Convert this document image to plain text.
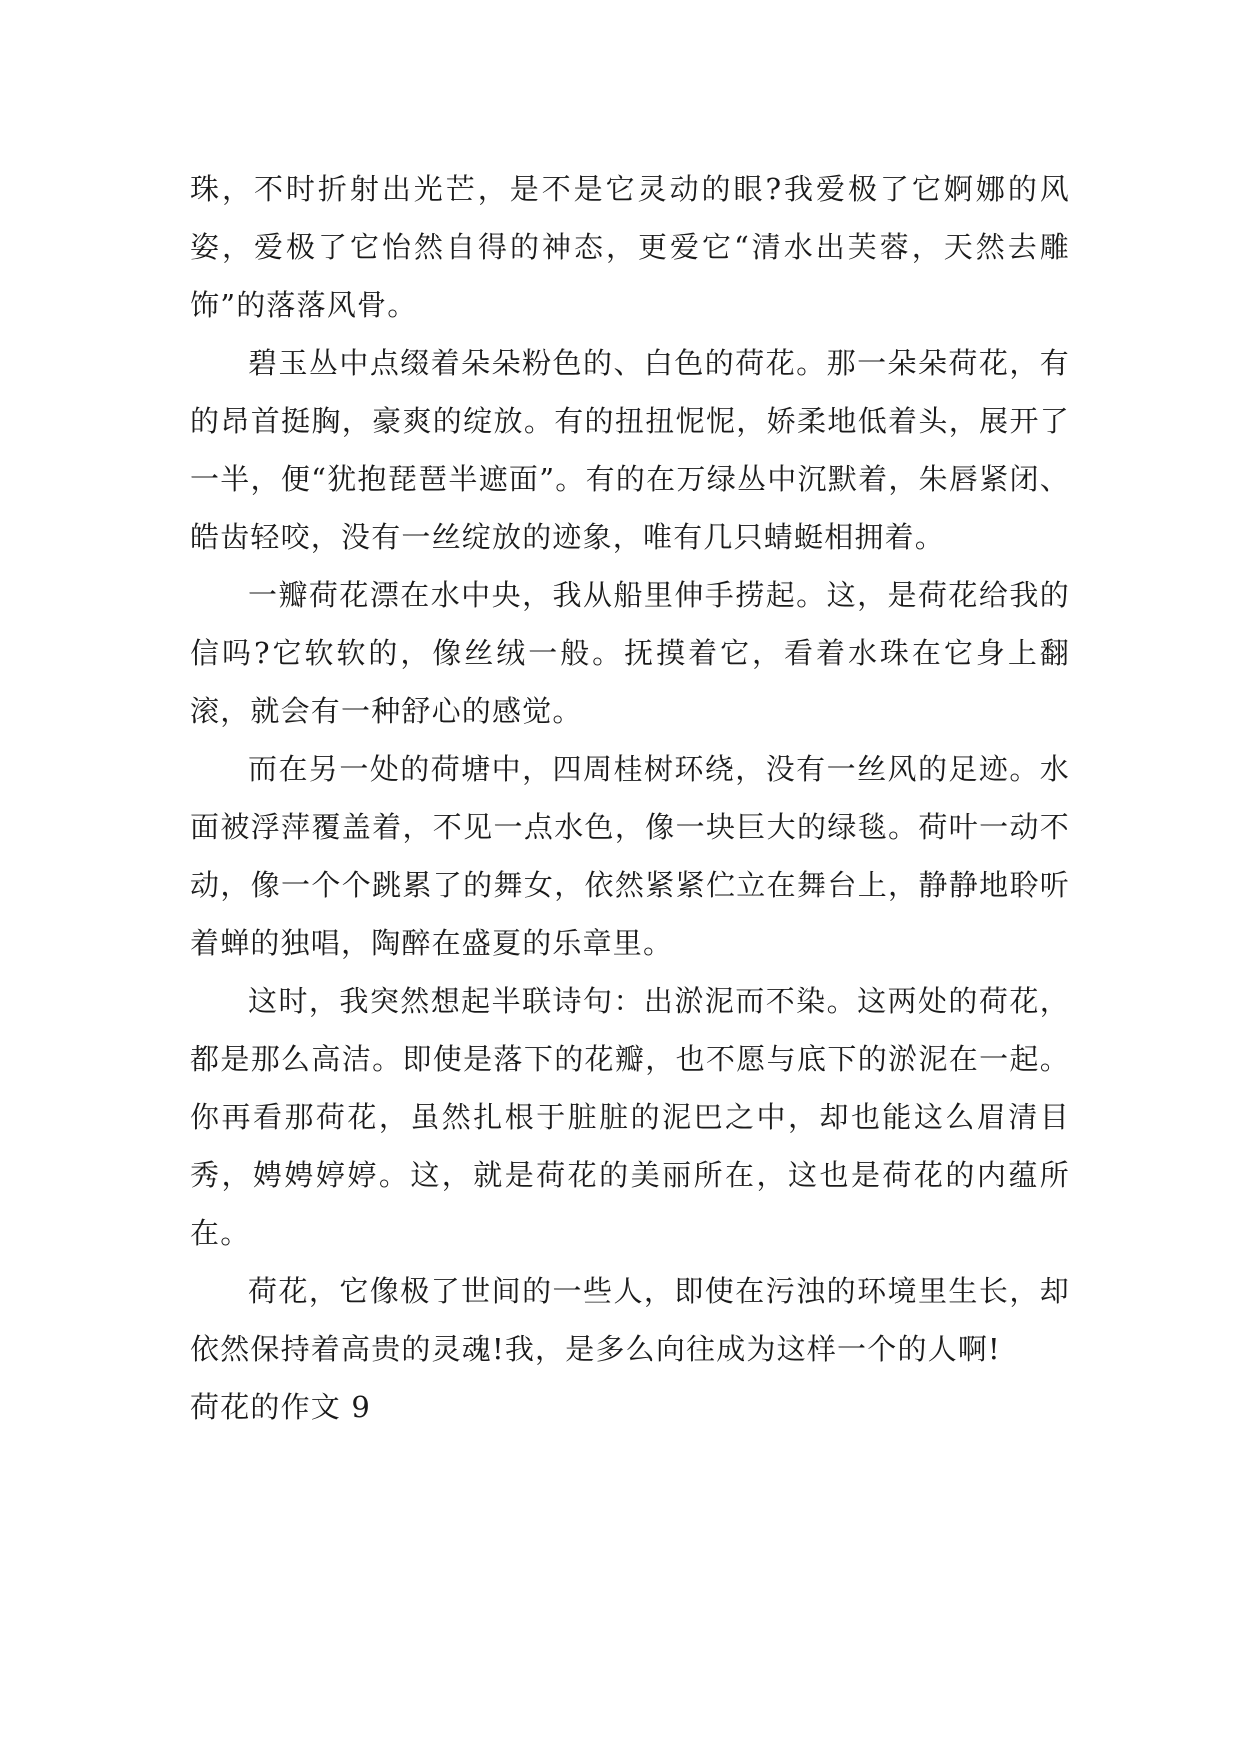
珠，不时折射出光芒，是不是它灵动的眼?我爱极了它婀娜的风姿，爱极了它怡然自得的神态，更爱它“清水出芙蓉，天然去雕饰”的落落风骨。

碧玉丛中点缀着朵朵粉色的、白色的荷花。那一朵朵荷花，有的昂首挺胸，豪爽的绽放。有的扭扭怩怩，娇柔地低着头，展开了一半，便“犹抱琵琶半遮面”。有的在万绿丛中沉默着，朱唇紧闭、皓齿轻咬，没有一丝绽放的迹象，唯有几只蜻蜓相拥着。

一瓣荷花漂在水中央，我从船里伸手捞起。这，是荷花给我的信吗?它软软的，像丝绒一般。抚摸着它，看着水珠在它身上翻滚，就会有一种舒心的感觉。

而在另一处的荷塘中，四周桂树环绕，没有一丝风的足迹。水面被浮萍覆盖着，不见一点水色，像一块巨大的绿毯。荷叶一动不动，像一个个跳累了的舞女，依然紧紧伫立在舞台上，静静地聆听着蝉的独唱，陶醉在盛夏的乐章里。

这时，我突然想起半联诗句：出淤泥而不染。这两处的荷花，都是那么高洁。即使是落下的花瓣，也不愿与底下的淤泥在一起。你再看那荷花，虽然扎根于脏脏的泥巴之中，却也能这么眉清目秀，娉娉婷婷。这，就是荷花的美丽所在，这也是荷花的内蕴所在。

荷花，它像极了世间的一些人，即使在污浊的环境里生长，却依然保持着高贵的灵魂!我，是多么向往成为这样一个的人啊!

荷花的作文 9
